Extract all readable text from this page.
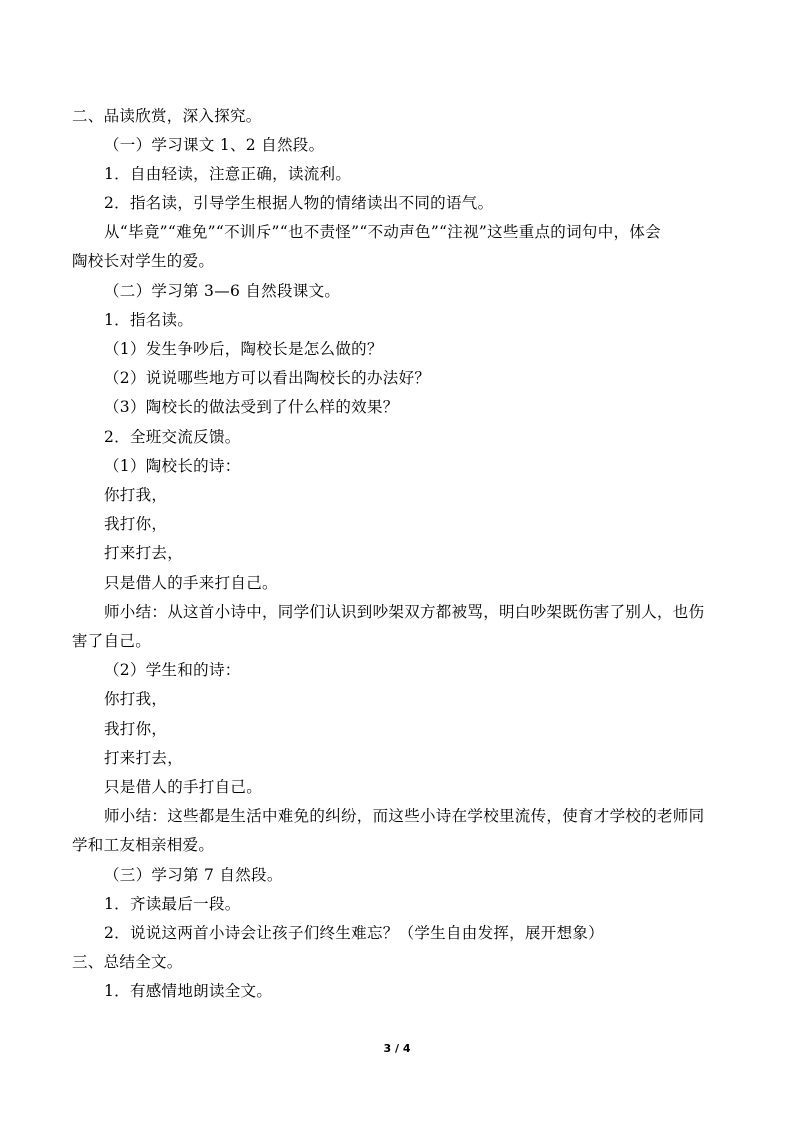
二、品读欣赏，深入探究。
（一）学习课文 1、2 自然段。
1．自由轻读，注意正确，读流利。
2．指名读，引导学生根据人物的情绪读出不同的语气。
从“毕竟”“难免”“不训斥”“也不责怪”“不动声色”“注视”这些重点的词句中，体会
陶校长对学生的爱。
（二）学习第 3—6 自然段课文。
1．指名读。
（1）发生争吵后，陶校长是怎么做的？
（2）说说哪些地方可以看出陶校长的办法好？
（3）陶校长的做法受到了什么样的效果？
2．全班交流反馈。
（1）陶校长的诗：
你打我，
我打你，
打来打去，
只是借人的手来打自己。
师小结：从这首小诗中，同学们认识到吵架双方都被骂，明白吵架既伤害了别人，也伤
害了自己。
（2）学生和的诗：
你打我，
我打你，
打来打去，
只是借人的手打自己。
师小结：这些都是生活中难免的纠纷，而这些小诗在学校里流传，使育才学校的老师同
学和工友相亲相爱。
（三）学习第 7 自然段。
1．齐读最后一段。
2．说说这两首小诗会让孩子们终生难忘？（学生自由发挥，展开想象）
三、总结全文。
1．有感情地朗读全文。
3 / 4
